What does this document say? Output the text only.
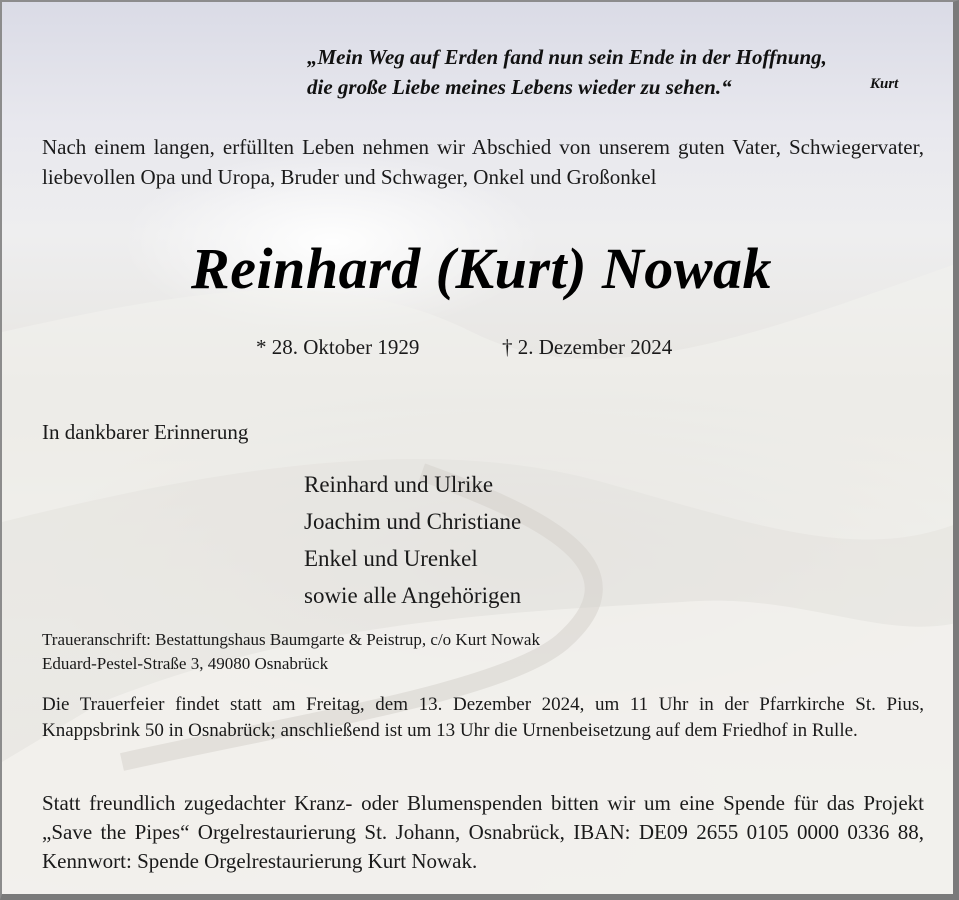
„Mein Weg auf Erden fand nun sein Ende in der Hoffnung,
die große Liebe meines Lebens wieder zu sehen.“	Kurt
Nach einem langen, erfüllten Leben nehmen wir Abschied von unserem guten Vater, Schwiegervater, liebevollen Opa und Uropa, Bruder und Schwager, Onkel und Großonkel
Reinhard (Kurt) Nowak
* 28. Oktober 1929	† 2. Dezember 2024
In dankbarer Erinnerung
Reinhard und Ulrike
Joachim und Christiane
Enkel und Urenkel
sowie alle Angehörigen
Traueranschrift: Bestattungshaus Baumgarte & Peistrup, c/o Kurt Nowak
Eduard-Pestel-Straße 3, 49080 Osnabrück
Die Trauerfeier findet statt am Freitag, dem 13. Dezember 2024, um 11 Uhr in der Pfarrkirche St. Pius, Knappsbrink 50 in Osnabrück; anschließend ist um 13 Uhr die Urnenbeisetzung auf dem Friedhof in Rulle.
Statt freundlich zugedachter Kranz- oder Blumenspenden bitten wir um eine Spende für das Projekt „Save the Pipes“ Orgelrestaurierung St. Johann, Osnabrück, IBAN: DE09 2655 0105 0000 0336 88, Kennwort: Spende Orgelrestaurierung Kurt Nowak.
